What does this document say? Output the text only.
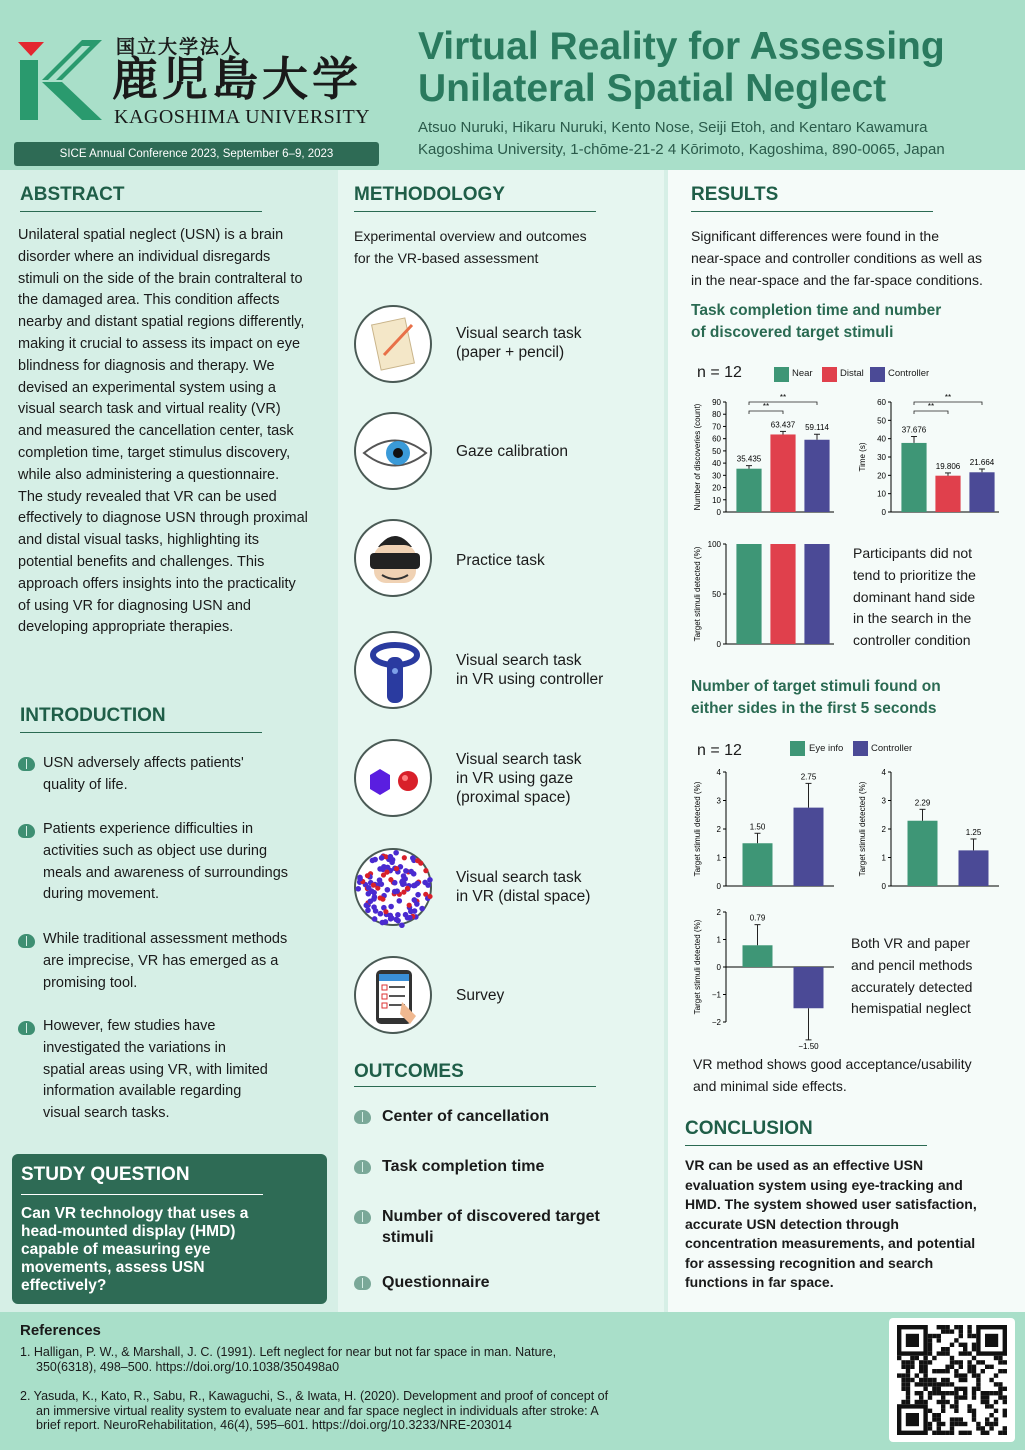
国立大学法人
鹿児島大学
KAGOSHIMA UNIVERSITY
SICE Annual Conference 2023, September 6–9, 2023
Virtual Reality for Assessing
Unilateral Spatial Neglect
Atsuo Nuruki, Hikaru Nuruki, Kento Nose, Seiji Etoh, and Kentaro Kawamura
Kagoshima University, 1-chōme-21-2 4 Kōrimoto, Kagoshima, 890-0065, Japan
ABSTRACT
Unilateral spatial neglect (USN) is a brain
disorder where an individual disregards
stimuli on the side of the brain contralteral to
the damaged area. This condition affects
nearby and distant spatial regions differently,
making it crucial to assess its impact on eye
blindness for diagnosis and therapy. We
devised an experimental system using a
visual search task and virtual reality (VR)
and measured the cancellation center, task
completion time, target stimulus discovery,
while also administering a questionnaire.
The study revealed that VR can be used
effectively to diagnose USN through proximal
and distal visual tasks, highlighting its
potential benefits and challenges. This
approach offers insights into the practicality
of using VR for diagnosing USN and
developing appropriate therapies.
INTRODUCTION
USN adversely affects patients'
quality of life.
Patients experience difficulties in
activities such as object use during
meals and awareness of surroundings
during movement.
While traditional assessment methods
are imprecise, VR has emerged as a
promising tool.
However, few studies have
investigated the variations in
spatial areas using VR, with limited
information available regarding
visual search tasks.
STUDY QUESTION
Can VR technology that uses a
head-mounted display (HMD)
capable of measuring eye
movements, assess USN
effectively?
METHODOLOGY
Experimental overview and outcomes
for the VR-based assessment
Visual search task
(paper + pencil)
Gaze calibration
Practice task
Visual search task
in VR using controller
Visual search task
in VR using gaze
(proximal space)
Visual search task
in VR (distal space)
Survey
OUTCOMES
Center of cancellation
Task completion time
Number of discovered target
stimuli
Questionnaire
RESULTS
Significant differences were found in the
near-space and controller conditions as well as
in the near-space and the far-space conditions.
Task completion time and number
of discovered target stimuli
n = 12	Near	Distal	Controller
0
10
20
30
40
50
60
70
80
90
Number of discoveries (count)	35.435
63.437 59.114
**
**
0
10
20
30
40
50
60
Time (s)
37.676
19.806 21.664
**
**
0
50
100
Target stimuli detected (%)	Participants did not
tend to prioritize the
dominant hand side
in the search in the
controller condition
Number of target stimuli found on
either sides in the first 5 seconds
n = 12	Eye info	Controller
0
1
2
3
4
Target stimuli detected (%)	1.50
2.75
0
1
2
3
4
Target stimuli detected (%)	2.29
1.25
−2
−1
0
1
2
Target stimuli detected (%)
0.79
−1.50
Both VR and paper
and pencil methods
accurately detected
hemispatial neglect
VR method shows good acceptance/usability
and minimal side effects.
CONCLUSION
VR can be used as an effective USN
evaluation system using eye-tracking and
HMD. The system showed user satisfaction,
accurate USN detection through
concentration measurements, and potential
for assessing recognition and search
functions in far space.
References
1. Halligan, P. W., & Marshall, J. C. (1991). Left neglect for near but not far space in man. Nature,
350(6318), 498–500. https://doi.org/10.1038/350498a0
2. Yasuda, K., Kato, R., Sabu, R., Kawaguchi, S., & Iwata, H. (2020). Development and proof of concept of
an immersive virtual reality system to evaluate near and far space neglect in individuals after stroke: A
brief report. NeuroRehabilitation, 46(4), 595–601. https://doi.org/10.3233/NRE-203014
